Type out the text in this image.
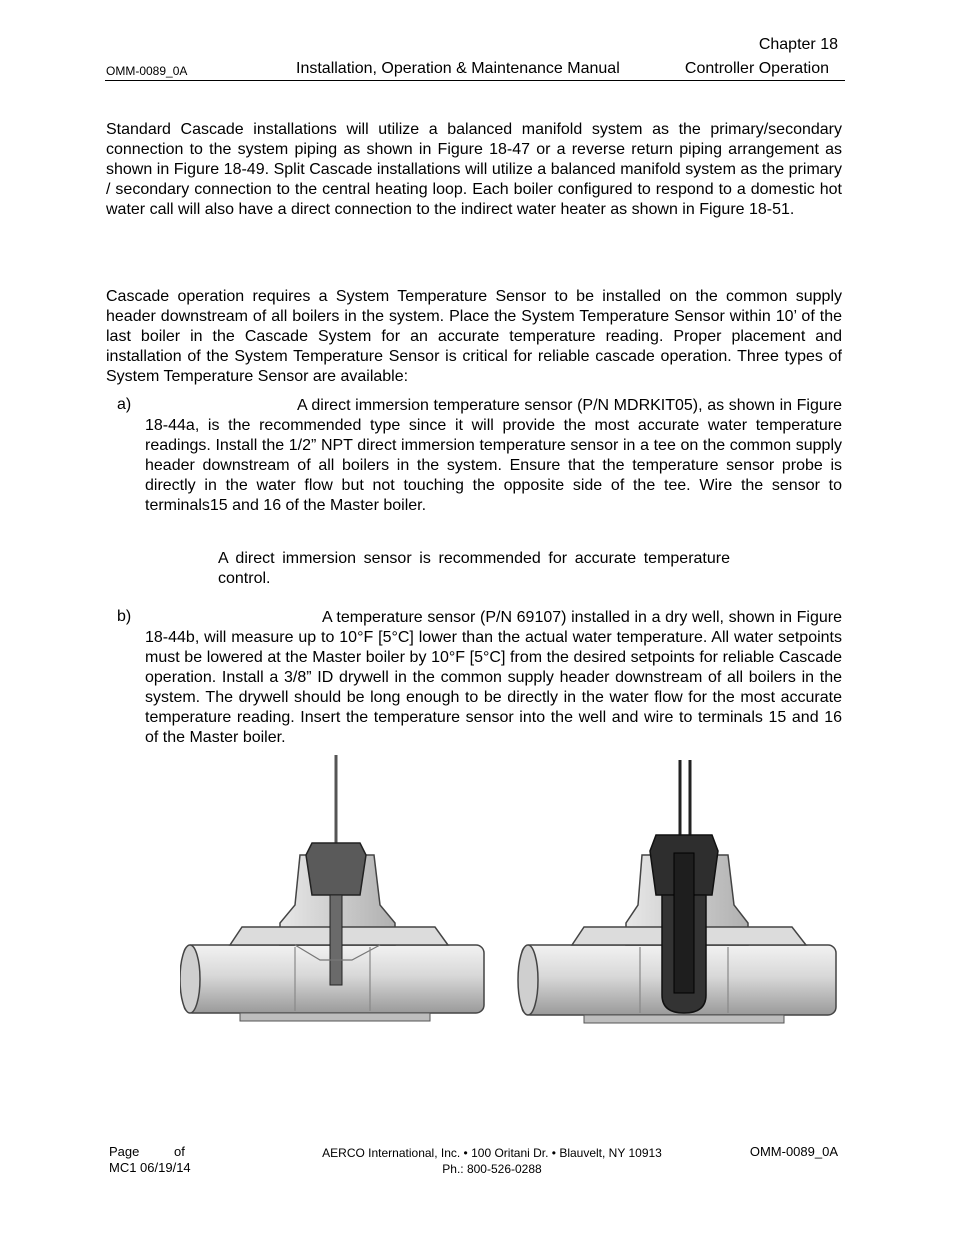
Chapter 18
OMM-0089_0A	Installation, Operation & Maintenance Manual	Controller Operation

Standard Cascade installations will utilize a balanced manifold system as the primary/secondary connection to the system piping as shown in Figure 18-47 or a reverse return piping arrangement as shown in Figure 18-49. Split Cascade installations will utilize a balanced manifold system as the primary / secondary connection to the central heating loop. Each boiler configured to respond to a domestic hot water call will also have a direct connection to the indirect water heater as shown in Figure 18-51.

Cascade operation requires a System Temperature Sensor to be installed on the common supply header downstream of all boilers in the system. Place the System Temperature Sensor within 10’ of the last boiler in the Cascade System for an accurate temperature reading. Proper placement and installation of the System Temperature Sensor is critical for reliable cascade operation. Three types of System Temperature Sensor are available:

a)	A direct immersion temperature sensor (P/N MDRKIT05), as shown in Figure 18-44a, is the recommended type since it will provide the most accurate water temperature readings. Install the 1/2” NPT direct immersion temperature sensor in a tee on the common supply header downstream of all boilers in the system. Ensure that the temperature sensor probe is directly in the water flow but not touching the opposite side of the tee. Wire the sensor to terminals15 and 16 of the Master boiler.

A direct immersion sensor is recommended for accurate temperature control.

b)	A temperature sensor (P/N 69107) installed in a dry well, shown in Figure 18-44b, will measure up to 10°F [5°C] lower than the actual water temperature. All water setpoints must be lowered at the Master boiler by 10°F [5°C] from the desired setpoints for reliable Cascade operation. Install a 3/8” ID drywell in the common supply header downstream of all boilers in the system. The drywell should be long enough to be directly in the water flow for the most accurate temperature reading. Insert the temperature sensor into the well and wire to terminals 15 and 16 of the Master boiler.

Page	of
MC1 06/19/14
AERCO International, Inc. • 100 Oritani Dr. • Blauvelt, NY 10913
Ph.: 800-526-0288
OMM-0089_0A
